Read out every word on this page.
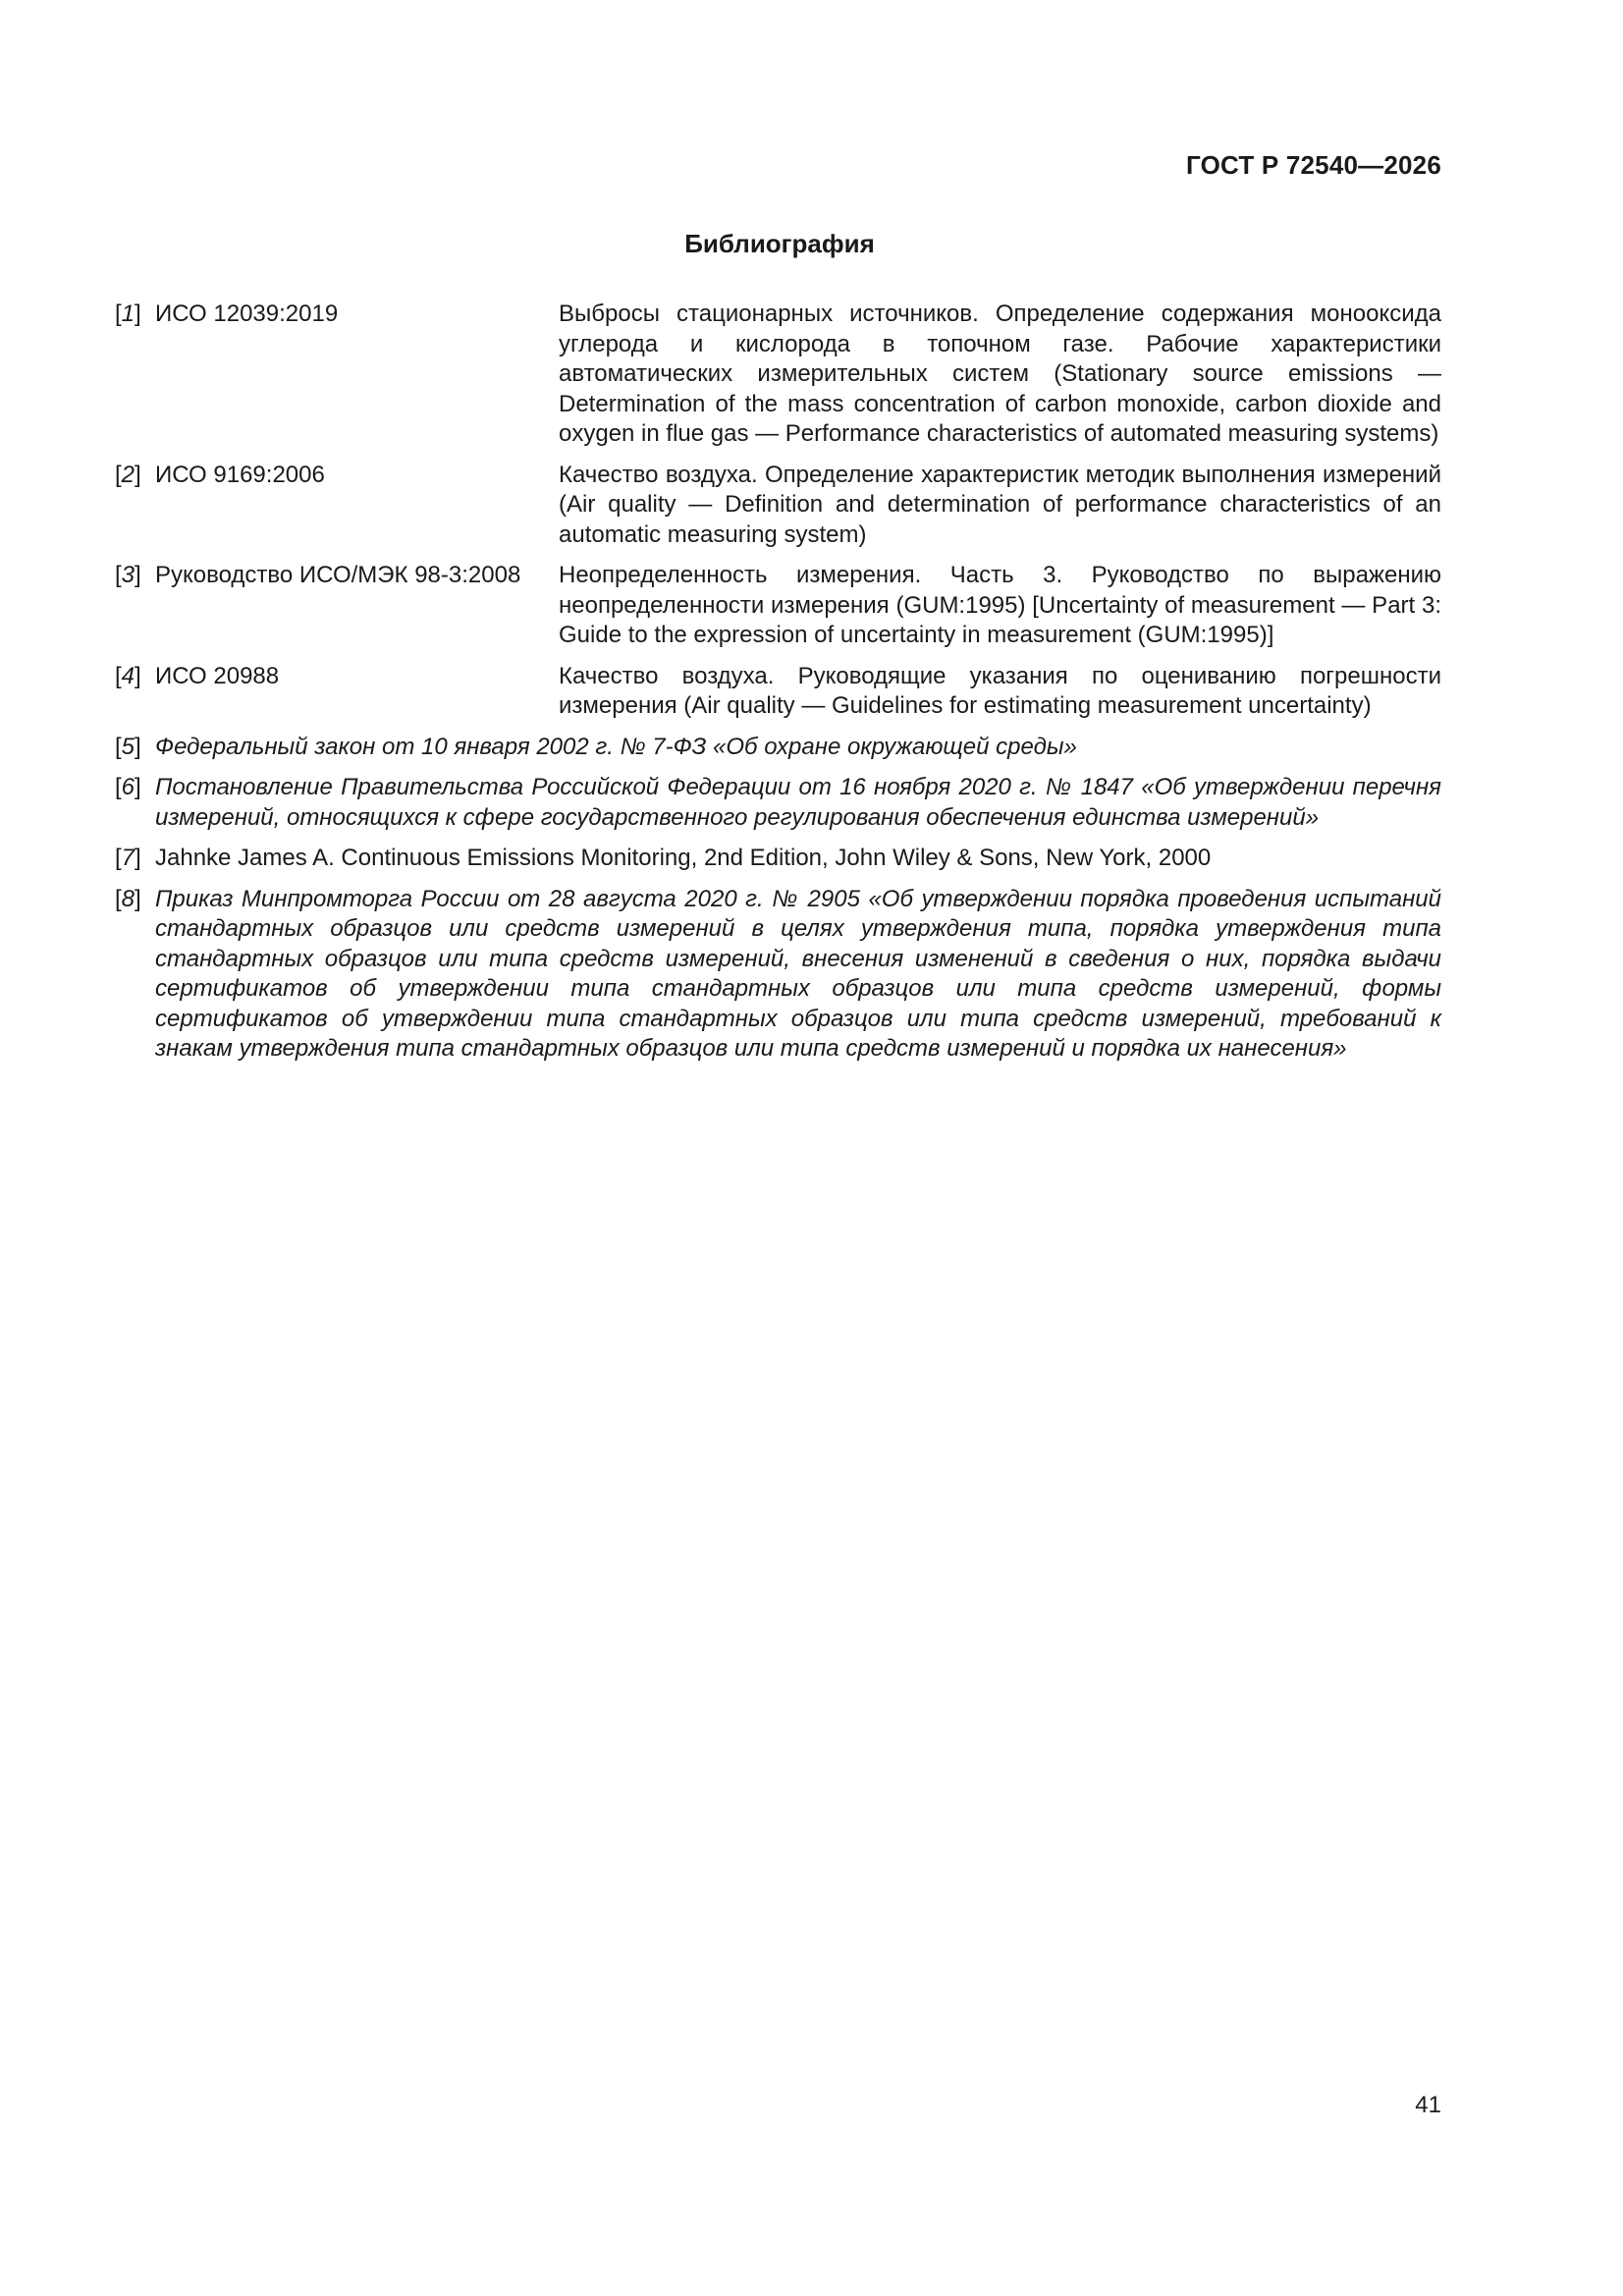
ГОСТ Р 72540—2026
Библиография
[1] ИСО 12039:2019	Выбросы стационарных источников. Определение содержания монооксида углерода и кислорода в топочном газе. Рабочие характеристики автоматических измерительных систем (Stationary source emissions — Determination of the mass concentration of carbon monoxide, carbon dioxide and oxygen in flue gas — Performance characteristics of automated measuring systems)
[2] ИСО 9169:2006	Качество воздуха. Определение характеристик методик выполнения измерений (Air quality — Definition and determination of performance characteristics of an automatic measuring system)
[3] Руководство ИСО/МЭК 98-3:2008	Неопределенность измерения. Часть 3. Руководство по выражению неопределенности измерения (GUM:1995) [Uncertainty of measurement — Part 3: Guide to the expression of uncertainty in measurement (GUM:1995)]
[4] ИСО 20988	Качество воздуха. Руководящие указания по оцениванию погрешности измерения (Air quality — Guidelines for estimating measurement uncertainty)
[5] Федеральный закон от 10 января 2002 г. № 7-ФЗ «Об охране окружающей среды»
[6] Постановление Правительства Российской Федерации от 16 ноября 2020 г. № 1847 «Об утверждении перечня измерений, относящихся к сфере государственного регулирования обеспечения единства измерений»
[7] Jahnke James A. Continuous Emissions Monitoring, 2nd Edition, John Wiley & Sons, New York, 2000
[8] Приказ Минпромторга России от 28 августа 2020 г. № 2905 «Об утверждении порядка проведения испытаний стандартных образцов или средств измерений в целях утверждения типа, порядка утверждения типа стандартных образцов или типа средств измерений, внесения изменений в сведения о них, порядка выдачи сертификатов об утверждении типа стандартных образцов или типа средств измерений, формы сертификатов об утверждении типа стандартных образцов или типа средств измерений, требований к знакам утверждения типа стандартных образцов или типа средств измерений и порядка их нанесения»
41
